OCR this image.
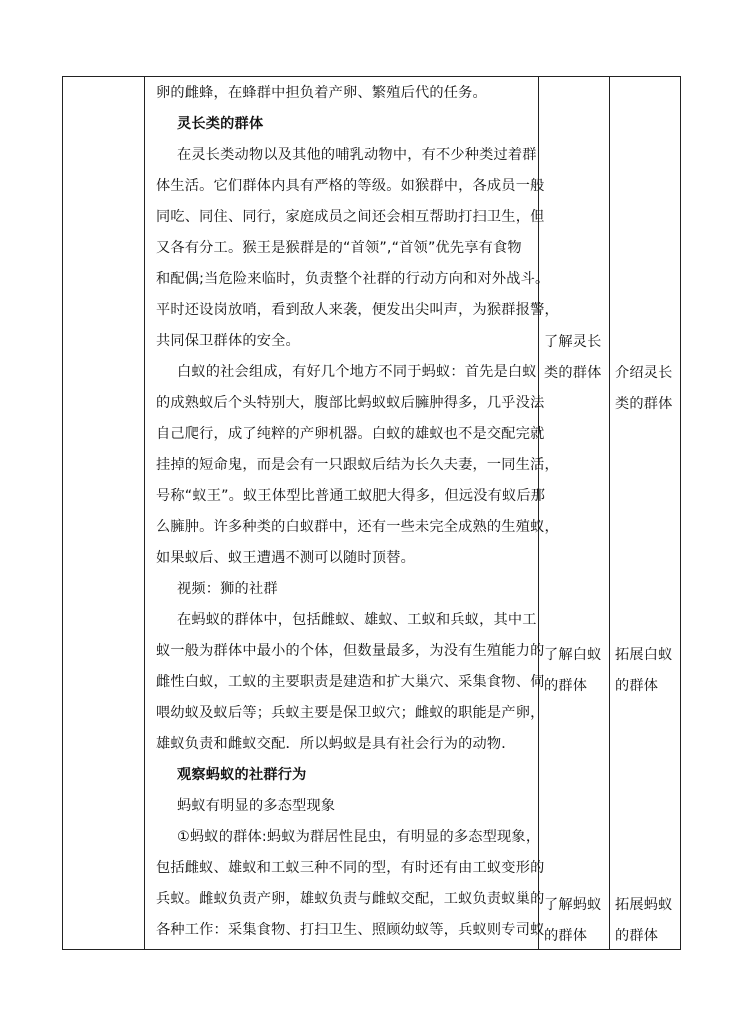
卵的雌蜂，在蜂群中担负着产卵、繁殖后代的任务。
灵长类的群体
在灵长类动物以及其他的哺乳动物中，有不少种类过着群
体生活。它们群体内具有严格的等级。如猴群中，各成员一般
同吃、同住、同行，家庭成员之间还会相互帮助打扫卫生，但
又各有分工。猴王是猴群是的“首领”,“首领”优先享有食物
和配偶;当危险来临时，负责整个社群的行动方向和对外战斗。
平时还设岗放哨，看到敌人来袭，便发出尖叫声，为猴群报警，
共同保卫群体的安全。
白蚁的社会组成，有好几个地方不同于蚂蚁：首先是白蚁
的成熟蚁后个头特别大，腹部比蚂蚁蚁后臃肿得多，几乎没法
自己爬行，成了纯粹的产卵机器。白蚁的雄蚁也不是交配完就
挂掉的短命鬼，而是会有一只跟蚁后结为长久夫妻，一同生活，
号称“蚁王”。蚁王体型比普通工蚁肥大得多，但远没有蚁后那
么臃肿。许多种类的白蚁群中，还有一些未完全成熟的生殖蚁，
如果蚁后、蚁王遭遇不测可以随时顶替。
视频：狮的社群
在蚂蚁的群体中，包括雌蚁、雄蚁、工蚁和兵蚁，其中工
蚁一般为群体中最小的个体，但数量最多，为没有生殖能力的
雌性白蚁，工蚁的主要职责是建造和扩大巢穴、采集食物、伺
喂幼蚁及蚁后等；兵蚁主要是保卫蚁穴；雌蚁的职能是产卵，
雄蚁负责和雌蚁交配．所以蚂蚁是具有社会行为的动物．
观察蚂蚁的社群行为
蚂蚁有明显的多态型现象
①蚂蚁的群体:蚂蚁为群居性昆虫，有明显的多态型现象，
包括雌蚁、雄蚁和工蚁三种不同的型，有时还有由工蚁变形的
兵蚁。雌蚁负责产卵，雄蚁负责与雌蚁交配，工蚁负责蚁巢的
各种工作：采集食物、打扫卫生、照顾幼蚁等，兵蚁则专司蚁
了解灵长
类的群体
了解白蚁
的群体
了解蚂蚁
的群体
介绍灵长
类的群体
拓展白蚁
的群体
拓展蚂蚁
的群体
